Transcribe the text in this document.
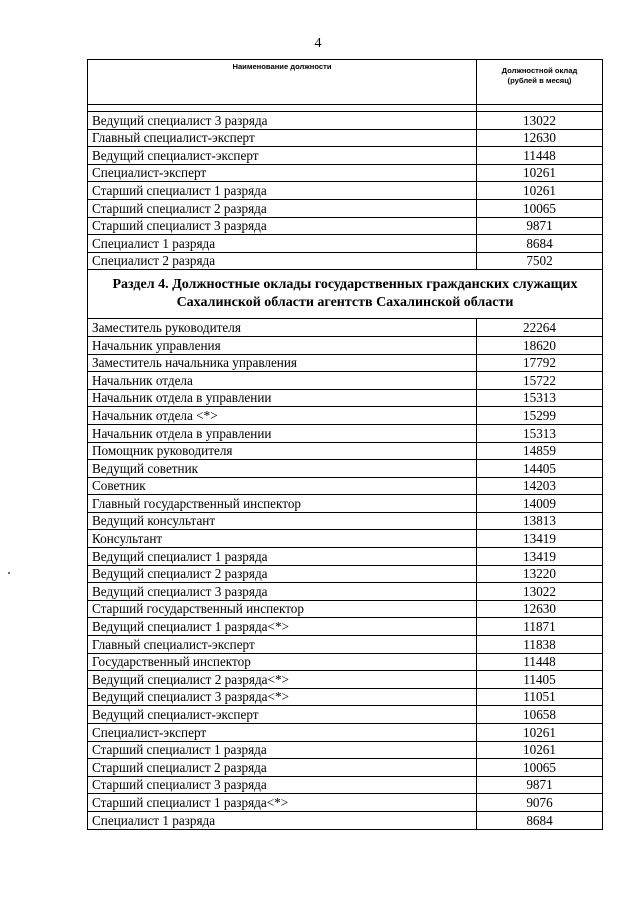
4
Наименование должности	Должностной оклад
(рублей в месяц)

Ведущий специалист 3 разряда	13022
Главный специалист-эксперт	12630
Ведущий специалист-эксперт	11448
Специалист-эксперт	10261
Старший специалист 1 разряда	10261
Старший специалист 2 разряда	10065
Старший специалист 3 разряда	9871
Специалист 1 разряда	8684
Специалист 2 разряда	7502

Раздел 4. Должностные оклады государственных гражданских служащих
Сахалинской области агентств Сахалинской области	

Заместитель руководителя	22264
Начальник управления	18620
Заместитель начальника управления	17792
Начальник отдела	15722
Начальник отдела в управлении	15313
Начальник отдела <*>	15299
Начальник отдела в управлении	15313
Помощник руководителя	14859
Ведущий советник	14405
Советник	14203
Главный государственный инспектор	14009
Ведущий консультант	13813
Консультант	13419
Ведущий специалист 1 разряда	13419
Ведущий специалист 2 разряда	13220
Ведущий специалист 3 разряда	13022
Старший государственный инспектор	12630
Ведущий специалист 1 разряда<*>	11871
Главный специалист-эксперт	11838
Государственный инспектор	11448
Ведущий специалист 2 разряда<*>	11405
Ведущий специалист 3 разряда<*>	11051
Ведущий специалист-эксперт	10658
Специалист-эксперт	10261
Старший специалист 1 разряда	10261
Старший специалист 2 разряда	10065
Старший специалист 3 разряда	9871
Старший специалист 1 разряда<*>	9076
Специалист 1 разряда	8684
